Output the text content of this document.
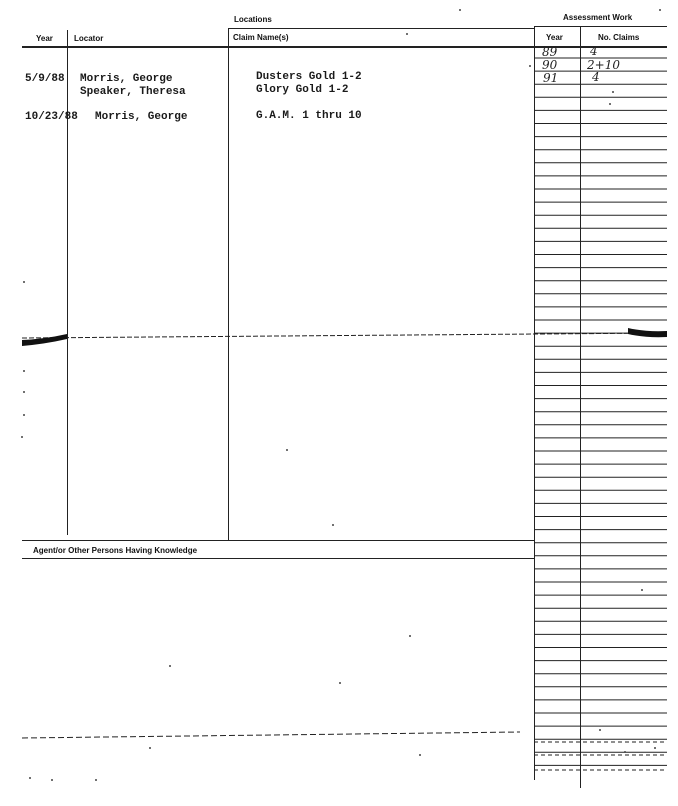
Locations	Assessment Work
Year	Locator	Claim Name(s)	Year	No. Claims
Agent/or Other Persons Having Knowledge
5/9/88 Morris, George	Dusters Gold 1-2
Speaker, Theresa	Glory Gold 1-2
10/23/88 Morris, George	G.A.M. 1 thru 10
89	4
90 2+10
91	4
